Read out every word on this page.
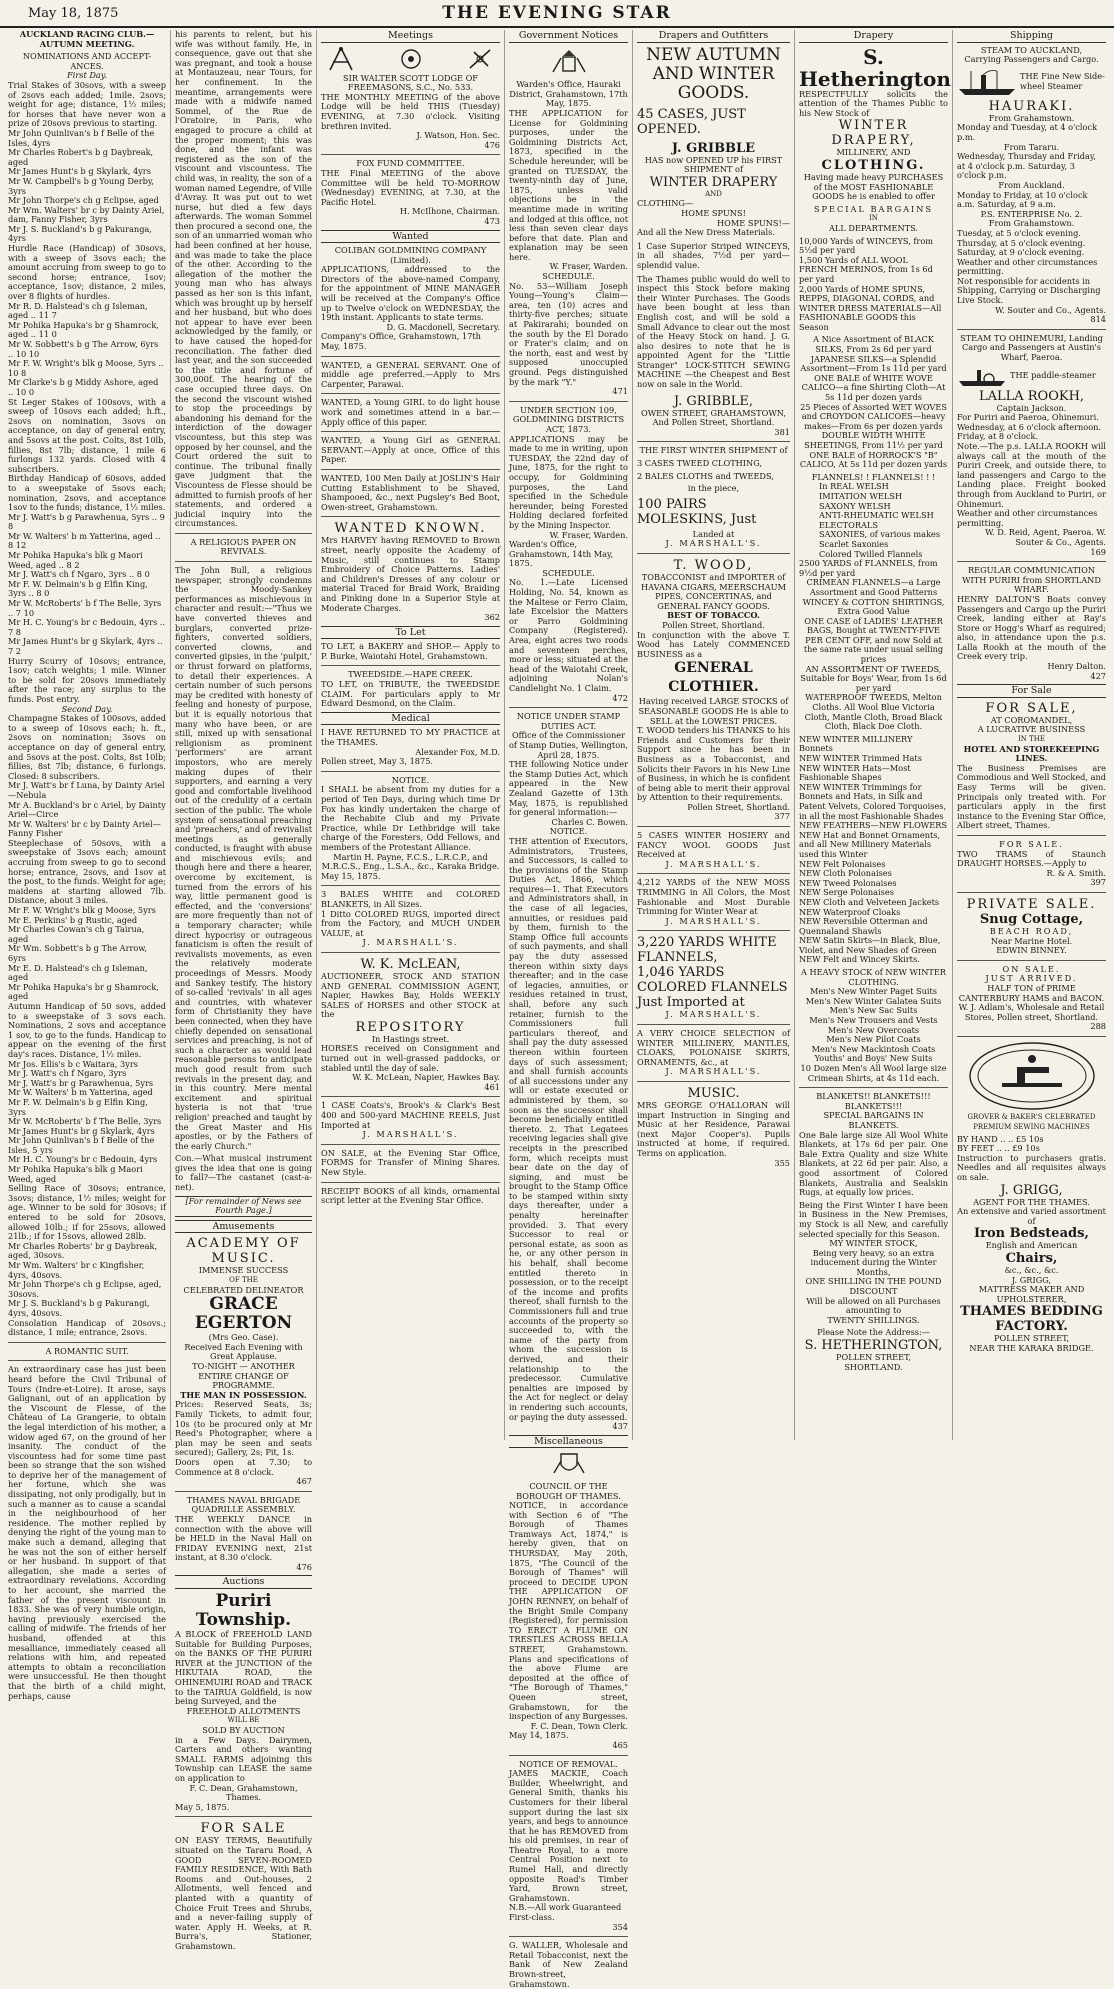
May 18, 1875	THE EVENING STAR
AUCKLAND RACING CLUB.— AUTUMN MEETING.
NOMINATIONS AND ACCEPT-ANCES.
First Day.
Trial Stakes of 30sovs, with a sweep of 2sovs each added; 1mile. 2sovs; weight for age; distance, 1½ miles; for horses that have never won a prize of 20sovs previous to starting.
Mr John Quinlivan's b f Belle of the Isles, 4yrs
Mr Charles Robert's b g Daybreak, aged
Mr James Hunt's b g Skylark, 4yrs
Mr W. Campbell's b g Young Derby, 3yrs
Mr John Thorpe's ch g Eclipse, aged
Mr Wm. Walters' br c by Dainty Ariel, dam, Fanny Fisher, 3yrs
Mr J. S. Buckland's b g Pakuranga, 4yrs
Hurdle Race (Handicap) of 30sovs, with a sweep of 3sovs each; the amount accruing from sweep to go to second horse; entrance, 1sov; acceptance, 1sov; distance, 2 miles, over 8 flights of hurdles.
Mr R. D. Halstead's ch g Isleman, aged .. 11 7
Mr Pohika Hapuka's br g Shamrock, aged .. 11 0
Mr W. Sobbett's b g The Arrow, 6yrs .. 10 10
Mr F. W. Wright's blk g Moose, 5yrs .. 10 8
Mr Clarke's b g Middy Ashore, aged .. 10 0
St Leger Stakes of 100sovs, with a sweep of 10sovs each added; h.ft., 2sovs on nomination, 3sovs on acceptance, on day of general entry, and 5sovs at the post. Colts, 8st 10lb, fillies, 8st 7lb; distance, 1 mile 6 furlongs 132 yards. Closed with 4 subscribers.
Birthday Handicap of 60sovs, added to a sweepstake of 5sovs each; nomination, 2sovs, and acceptance 1sov to the funds; distance, 1½ miles.
Mr J. Watt's b g Parawhenua, 5yrs .. 9 8
Mr W. Walters' b m Yatterina, aged .. 8 12
Mr Pohika Hapuka's blk g Maori Weed, aged .. 8 2
Mr J. Watt's ch f Ngaro, 3yrs .. 8 0
Mr F. W. Delmain's b g Elfin King, 3yrs .. 8 0
Mr W. McRoberts' b f The Belle, 3yrs .. 7 10
Mr H. C. Young's br c Bedouin, 4yrs .. 7 8
Mr James Hunt's br g Skylark, 4yrs .. 7 2
Hurry Scurry of 10sovs; entrance, 1sov; catch weights; 1 mile. Winner to be sold for 20sovs immediately after the race; any surplus to the funds. Post entry.
Second Day.
Champagne Stakes of 100sovs, added to a sweep of 10sovs each; h. ft., 2sovs on nomination; 3sovs on acceptance on day of general entry, and 5sovs at the post. Colts, 8st 10lb; fillies, 8st 7lb; distance, 6 furlongs. Closed: 8 subscribers.
Mr J. Watt's br f Luna, by Dainty Ariel —Nebula
Mr A. Buckland's br c Ariel, by Dainty Ariel—Circe
Mr W. Walters' br c by Dainty Ariel—Fanny Fisher
Steeplechase of 50sovs, with a sweepstake of 3sovs each; amount accruing from sweep to go to second horse; entrance, 2sovs, and 1sov at the post, to the funds. Weight for age; maidens at starting allowed 7lb. Distance, about 3 miles.
Mr F. W. Wright's blk g Moose, 5yrs
Mr E. Perkins' b g Rustic, aged
Mr Charles Cowan's ch g Tairua, aged
Mr Wm. Sobbett's b g The Arrow, 6yrs
Mr E. D. Halstead's ch g Isleman, aged
Mr Pohika Hapuka's br g Shamrock, aged
Autumn Handicap of 50 sovs, added to a sweepstake of 3 sovs each. Nominations, 2 sovs and acceptance 1 sov, to go to the funds. Handicap to appear on the evening of the first day's races. Distance, 1½ miles.
Mr Jos. Ellis's b c Waitara, 3yrs
Mr J. Watt's ch f Ngaro, 3yrs
Mr J. Watt's br g Parawhenua, 5yrs
Mr W. Walters' b m Yatterina, aged
Mr F. W. Delmain's b g Elfin King, 3yrs
Mr W. McRoberts' b f The Belle, 3yrs
Mr James Hunt's br g Skylark, 4yrs
Mr John Quinlivan's b f Belle of the Isles, 5 yrs
Mr H. C. Young's br c Bedouin, 4yrs
Mr Pohika Hapuka's blk g Maori Weed, aged
Selling Race of 30sovs; entrance, 3sovs; distance, 1½ miles; weight for age. Winner to be sold for 30sovs; if entered to be sold for 20sovs, allowed 10lb.; if for 25sovs, allowed 21lb.; if for 15sovs, allowed 28lb.
Mr Charles Roberts' br g Daybreak, aged, 30sovs.
Mr Wm. Walters' br c Kingfisher, 4yrs, 40sovs.
Mr John Thorpe's ch g Eclipse, aged, 30sovs.
Mr J. S. Buckland's b g Pakurangi, 4yrs, 40sovs.
Consolation Handicap of 20sovs.; distance, 1 mile; entrance, 2sovs.
A ROMANTIC SUIT.
An extraordinary case has just been heard before the Civil Tribunal of Tours (Indre-et-Loire). It arose, says Galignani, out of an application by the Viscount de Flesse, of the Château of La Grangerie, to obtain the legal interdiction of his mother, a widow aged 67, on the ground of her insanity. The conduct of the viscountess had for some time past been so strange that the son wished to deprive her of the management of her fortune, which she was dissipating, not only prodigally, but in such a manner as to cause a scandal in the neighbourhood of her residence. The mother replied by denying the right of the young man to make such a demand, alleging that he was not the son of either herself or her husband. In support of that allegation, she made a series of extraordinary revelations. According to her account, she married the father of the present viscount in 1833. She was of very humble origin, having previously exercised the calling of midwife. The friends of her husband, offended at this mesalliance, immediately ceased all relations with him, and repeated attempts to obtain a reconciliation were unsuccessful. He then thought that the birth of a child might, perhaps, cause
his parents to relent, but his wife was without family. He, in consequence, gave out that she was pregnant, and took a house at Montauzeau, near Tours, for her confinement. In the meantime, arrangements were made with a midwife named Sommel, of the Rue de l'Oratoire, in Paris, who engaged to procure a child at the proper moment; this was done, and the infant was registered as the son of the viscount and viscountess. The child was, in reality, the son of a woman named Legendre, of Ville d'Avray. It was put out to wet nurse, but died a few days afterwards. The woman Sommel then procured a second one, the son of an unmarried woman who had been confined at her house, and was made to take the place of the other. According to the allegation of the mother the young man who has always passed as her son is this infant, which was brought up by herself and her husband, but who does not appear to have ever been acknowledged by the family, or to have caused the hoped-for reconciliation. The father died last year, and the son succeeded to the title and fortune of 300,000f. The hearing of the case occupied three days. On the second the viscount wished to stop the proceedings by abandoning his demand for the interdiction of the dowager viscountess, but this step was opposed by her counsel, and the Court ordered the suit to continue. The tribunal finally gave judgment that the Viscountess de Flesse should be admitted to furnish proofs of her statements, and ordered a judicial inquiry into the circumstances.
A RELIGIOUS PAPER ON REVIVALS.
The John Bull, a religious newspaper, strongly condemns the Moody-Sankey performances as mischievous in character and result:—"Thus we have converted thieves and burglars, converted prize-fighters, converted soldiers, converted clowns, and converted gipsies, in the 'pulpit,' or thrust forward on platforms, to detail their experiences. A certain number of such persons may be credited with honesty of feeling and honesty of purpose, but it is equally notorious that many who have been, or are still, mixed up with sensational religionism as prominent 'performers' are arrant impostors, who are merely making dupes of their supporters, and earning a very good and comfortable livelihood out of the credulity of a certain section of the public. The whole system of sensational preaching and 'preachers,' and of revivalist meetings as generally conducted, is fraught with abuse and mischievous evils; and though here and there a hearer, overcome by excitement, is turned from the errors of his way, little permanent good is effected, and the 'conversions' are more frequently than not of a temporary character; while direct hypocrisy or outrageous fanaticism is often the result of revivalists movements, as even the relatively moderate proceedings of Messrs. Moody and Sankey testify. The history of so-called 'revivals' in all ages and countries, with whatever form of Christianity they have been connected, when they have chiefly depended on sensational services and preaching, is not of such a character as would lead reasonable persons to anticipate much good result from such revivals in the present day, and in this country. Mere mental excitement and spiritual hysteria is not that 'true religion' preached and taught by the Great Master and His apostles, or by the Fathers of the early Church."
Con.—What musical instrument gives the idea that one is going to fall?—The castanet (cast-a-net).
[For remainder of News see Fourth Page.]
Amusements
ACADEMY OF MUSIC.
IMMENSE SUCCESS
OF THE
CELEBRATED DELINEATOR
GRACE EGERTON
(Mrs Geo. Case).
Received Each Evening with Great Applause.
TO-NIGHT — ANOTHER ENTIRE CHANGE OF PROGRAMME.
THE MAN IN POSSESSION.
Prices: Reserved Seats, 3s; Family Tickets, to admit four, 10s (to be procured only at Mr Reed's Photographer, where a plan may be seen and seats secured); Gallery, 2s; Pit, 1s.
Doors open at 7.30; to Commence at 8 o'clock.
467
THAMES NAVAL BRIGADE QUADRILLE ASSEMBLY.
THE WEEKLY DANCE in connection with the above will be HELD in the Naval Hall on FRIDAY EVENING next, 21st instant, at 8.30 o'clock.
476
Auctions
Puriri Township.
A BLOCK of FREEHOLD LAND Suitable for Building Purposes, on the BANKS OF THE PURIRI RIVER at the JUNCTION of the HIKUTAIA ROAD, the OHINEMUIRI ROAD and TRACK to the TAIRUA Goldfield, is now being Surveyed, and the
FREEHOLD ALLOTMENTS
WILL BE
SOLD BY AUCTION
in a Few Days. Dairymen, Carters and others wanting SMALL FARMS adjoining this Township can LEASE the same on application to
F. C. Dean, Grahamstown, Thames.
May 5, 1875.
FOR SALE
ON EASY TERMS, Beautifully situated on the Tararu Road, A GOOD SEVEN-ROOMED FAMILY RESIDENCE, With Bath Rooms and Out-houses, 2 Allotments, well fenced and planted with a quantity of Choice Fruit Trees and Shrubs, and a never-failing supply of water. Apply H. Weeks, at R. Burra's, Stationer, Grahamstown.
Meetings
SIR WALTER SCOTT LODGE OF FREEMASONS, S.C., No. 533.
THE MONTHLY MEETING of the above Lodge will be held THIS (Tuesday) EVENING, at 7.30 o'clock. Visiting brethren invited.
J. Watson, Hon. Sec.
476
FOX FUND COMMITTEE.
THE Final MEETING of the above Committee will be held TO-MORROW (Wednesday) EVENING, at 7.30, at the Pacific Hotel.
H. McIlhone, Chairman.
473
Wanted
COLIBAN GOLDMINING COMPANY (Limited).
APPLICATIONS, addressed to the Directors of the above-named Company, for the appointment of MINE MANAGER will be received at the Company's Office up to Twelve o'clock on WEDNESDAY, the 19th instant. Applicants to state terms.
D. G. Macdonell, Secretary.
Company's Office, Grahamstown, 17th May, 1875.
WANTED, a GENERAL SERVANT. One of middle age preferred.—Apply to Mrs Carpenter, Parawai.
WANTED, a Young GIRL to do light house work and sometimes attend in a bar.—Apply office of this paper.
WANTED, a Young Girl as GENERAL SERVANT.—Apply at once, Office of this Paper.
WANTED, 100 Men Daily at JOSLIN'S Hair Cutting Establishment to be Shaved, Shampooed, &c., next Pugsley's Bed Boot, Owen-street, Grahamstown.
WANTED KNOWN.
Mrs HARVEY having REMOVED to Brown street, nearly opposite the Academy of Music, still continues to Stamp Embroidery of Choice Patterns. Ladies' and Children's Dresses of any colour or material Traced for Braid Work, Braiding and Pinking done in a Superior Style at Moderate Charges.
362
To Let
TO LET, a BAKERY and SHOP.— Apply to P. Burke, Waiotahi Hotel, Grahamstown.
TWEEDSIDE.—HAPE CREEK.
TO LET, on TRIBUTE, the TWEEDSIDE CLAIM. For particulars apply to Mr Edward Desmond, on the Claim.
Medical
I HAVE RETURNED TO MY PRACTICE at the THAMES.
Alexander Fox, M.D.
Pollen street, May 3, 1875.
NOTICE.
I SHALL be absent from my duties for a period of Ten Days, during which time Dr Fox has kindly undertaken the charge of the Rechabite Club and my Private Practice, while Dr Lethbridge will take charge of the Foresters, Odd Fellows, and members of the Protestant Alliance.
Martin H. Payne, F.C.S., L.R.C.P., and M.R.C.S., Eng., L.S.A., &c., Karaka Bridge.
May 15, 1875.
3 BALES WHITE and COLORED BLANKETS, in All Sizes.
1 Ditto COLORED RUGS, imported direct from the Factory, and MUCH UNDER VALUE, at
J. MARSHALL'S.
W. K. McLEAN,
AUCTIONEER, STOCK AND STATION AND GENERAL COMMISSION AGENT, Napier, Hawkes Bay, Holds WEEKLY SALES of HORSES and other STOCK at the
REPOSITORY
In Hastings street.
HORSES received on Consignment and turned out in well-grassed paddocks, or stabled until the day of sale.
W. K. McLean, Napier, Hawkes Bay.
461
1 CASE Coats's, Brook's & Clark's Best 400 and 500-yard MACHINE REELS, Just Imported at
J. MARSHALL'S.
ON SALE, at the Evening Star Office, FORMS for Transfer of Mining Shares. New Style.
RECEIPT BOOKS of all kinds, ornamental script letter at the Evening Star Office.
Government Notices
Warden's Office, Hauraki District, Grahamstown, 17th May, 1875.
THE APPLICATION for License for Goldmining purposes, under the Goldmining Districts Act, 1873, specified in the Schedule hereunder, will be granted on TUESDAY, the twenty-ninth day of June, 1875, unless valid objections be in the meantime made in writing and lodged at this office, not less than seven clear days before that date. Plan and explanation may be seen here.
W. Fraser, Warden.
SCHEDULE.
No. 53—William Joseph Young—Young's Claim—area, ten (10) acres and thirty-five perches; situate at Pakirarahi; bounded on the south by the El Dorado or Frater's claim; and on the north, east and west by supposed unoccupied ground. Pegs distinguished by the mark "Y."
471
UNDER SECTION 109, GOLDMINING DISTRICTS ACT, 1873.
APPLICATIONS may be made to me in writing, upon TUESDAY, the 22nd day of June, 1875, for the right to occupy, for Goldmining purposes, the Land specified in the Schedule hereunder, being Forested Holding declared forfeited by the Mining Inspector.
W. Fraser, Warden.
Warden's Office, Grahamstown, 14th May, 1875.
SCHEDULE.
No. 1.—Late Licensed Holding, No. 54, known as the Maltese or Ferro Claim, late Excelsior the Matters or Parro Goldmining Company (Registered). Area, eight acres two roods and seventeen perches, more or less; situated at the head of the Waiotahi Creek, adjoining Nolan's Candlelight No. 1 Claim.
472
NOTICE UNDER STAMP DUTIES ACT.
Office of the Commissioner of Stamp Duties, Wellington, April 28, 1875.
THE following Notice under the Stamp Duties Act, which appeared in the New Zealand Gazette of 13th May, 1875, is republished for general information:—
Charles C. Bowen.
NOTICE.
THE attention of Executors, Administrators, Trustees, and Successors, is called to the provisions of the Stamp Duties Act, 1866, which requires—1. That Executors and Administrators shall, in the case of all legacies, annuities, or residues paid by them, furnish to the Stamp Office full accounts of such payments, and shall pay the duty assessed thereon within sixty days thereafter; and in the case of legacies, annuities, or residues retained in trust, shall, before any such retainer, furnish to the Commissioners full particulars thereof, and shall pay the duty assessed thereon within fourteen days of such assessment; and shall furnish accounts of all successions under any will or estate executed or administered by them, so soon as the successor shall become beneficially entitled thereto. 2. That Legatees receiving legacies shall give receipts in the prescribed form, which receipts must bear date on the day of signing, and must be brought to the Stamp Office to be stamped within sixty days thereafter, under a penalty hereinafter provided. 3. That every Successor to real or personal estate, as soon as he, or any other person in his behalf, shall become entitled thereto in possession, or to the receipt of the income and profits thereof, shall furnish to the Commissioners full and true accounts of the property so succeeded to, with the name of the party from whom the succession is derived, and their relationship to the predecessor. Cumulative penalties are imposed by the Act for neglect or delay in rendering such accounts, or paying the duty assessed.
437
Miscellaneous
COUNCIL OF THE BOROUGH OF THAMES.
NOTICE, in accordance with Section 6 of "The Borough of Thames Tramways Act, 1874," is hereby given, that on THURSDAY, May 20th, 1875, "The Council of the Borough of Thames" will proceed to DECIDE UPON THE APPLICATION OF JOHN RENNEY, on behalf of the Bright Smile Company (Registered), for permission TO ERECT A FLUME ON TRESTLES ACROSS BELLA STREET, Grahamstown. Plans and specifications of the above Flume are deposited at the office of "The Borough of Thames," Queen street, Grahamstown, for the inspection of any Burgesses.
F. C. Dean, Town Clerk.
May 14, 1875.
465
NOTICE OF REMOVAL.
JAMES MACKIE, Coach Builder, Wheelwright, and General Smith, thanks his Customers for their liberal support during the last six years, and begs to announce that he has REMOVED from his old premises, in rear of Theatre Royal, to a more Central Position next to Rumel Hall, and directly opposite Road's Timber Yard, Brown street, Grahamstown.
N.B.—All work Guaranteed First-class.
354
G. WALLER, Wholesale and Retail Tobacconist, next the Bank of New Zealand Brown-street, Grahamstown.
Drapers and Outfitters
NEW AUTUMN AND WINTER GOODS.
45 CASES, JUST OPENED.
J. GRIBBLE
HAS now OPENED UP his FIRST SHIPMENT of
WINTER DRAPERY
AND
CLOTHING—
HOME SPUNS!
HOME SPUNS!—
And all the New Dress Materials.
1 Case Superior Striped WINCEYS, in all shades, 7½d per yard—splendid value.
The Thames public would do well to inspect this Stock before making their Winter Purchases. The Goods have been bought at less than English cost, and will be sold a Small Advance to clear out the most of the Heavy Stock on hand. J. G. also desires to note that he is appointed Agent for the "Little Stranger" LOCK-STITCH SEWING MACHINE —the Cheapest and Best now on sale in the World.
J. GRIBBLE,
OWEN STREET, GRAHAMSTOWN, And Pollen Street, Shortland.
381
THE FIRST WINTER SHIPMENT of
3 CASES TWEED CLOTHING,
2 BALES CLOTHS and TWEEDS,
in the piece,
100 PAIRS MOLESKINS, Just
Landed at
J. MARSHALL'S.
T. WOOD,
TOBACCONIST and IMPORTER of HAVANA CIGARS, MEERSCHAUM PIPES, CONCERTINAS, and GENERAL FANCY GOODS.
BEST OF TOBACCO.
Pollen Street, Shortland.
In conjunction with the above T. Wood has Lately COMMENCED BUSINESS as a
GENERAL CLOTHIER.
Having received LARGE STOCKS of SEASONABLE GOODS He is able to SELL at the LOWEST PRICES.
T. WOOD tenders his THANKS to his Friends and Customers for their Support since he has been in Business as a Tobacconist, and Solicits their Favors in his New Line of Business, in which he is confident of being able to merit their approval by Attention to their requirements.
Pollen Street, Shortland.
377
5 CASES WINTER HOSIERY and FANCY WOOL GOODS Just Received at
J. MARSHALL'S.
4,212 YARDS of the NEW MOSS TRIMMING in All Colors, the Most Fashionable and Most Durable Trimming for Winter Wear at
J. MARSHALL'S.
3,220 YARDS WHITE FLANNELS,
1,046 YARDS COLORED FLANNELS Just Imported at
J. MARSHALL'S.
A VERY CHOICE SELECTION of WINTER MILLINERY, MANTLES, CLOAKS, POLONAISE SKIRTS, ORNAMENTS, &c., at
J. MARSHALL'S.
MUSIC.
MRS GEORGE O'HALLORAN will impart Instruction in Singing and Music at her Residence, Parawai (next Major Cooper's). Pupils instructed at home, if required. Terms on application.
355
Drapery
S. Hetherington
RESPECTFULLY solicits the attention of the Thames Public to his New Stock of
WINTER DRAPERY,
MILLINERY, AND
CLOTHING.
Having made heavy PURCHASES of the MOST FASHIONABLE GOODS he is enabled to offer
SPECIAL BARGAINS
IN
ALL DEPARTMENTS.
10,000 Yards of WINCEYS, from 5½d per yard
1,500 Yards of ALL WOOL FRENCH MERINOS, from 1s 6d per yard
2,000 Yards of HOME SPUNS, REPPS, DIAGONAL CORDS, and WINTER DRESS MATERIALS—All FASHIONABLE GOODS this Season
A Nice Assortment of BLACK SILKS, From 2s 6d per yard
JAPANESE SILKS—a Splendid Assortment—From 1s 11d per yard
ONE BALE of WHITE WOVE CALICO—a fine Shirting Cloth—At 5s 11d per dozen yards
25 Pieces of Assorted WET WOVES and CROYDON CALICOES—heavy makes—From 6s per dozen yards
DOUBLE WIDTH WHITE SHEETINGS, From 11½ per yard
ONE BALE of HORROCK'S "B" CALICO, At 5s 11d per dozen yards
FLANNELS! ! FLANNELS! ! !
In REAL WELSH
IMITATION WELSH
SAXONY WELSH
ANTI-RHEUMATIC WELSH
ELECTORALS
SAXONIES, of various makes
Scarlet Saxonies
Colored Twilled Flannels
2500 YARDS of FLANNELS, from 9½d per yard
CRIMEAN FLANNELS—a Large Assortment and Good Patterns
WINCEY & COTTON SHIRTINGS, Extra Good Value
ONE CASE of LADIES' LEATHER BAGS, Bought at TWENTY-FIVE PER CENT OFF, and now Sold at the same rate under usual selling prices
AN ASSORTMENT OF TWEEDS, Suitable for Boys' Wear, from 1s 6d per yard
WATERPROOF TWEEDS, Melton Cloths. All Wool Blue Victoria Cloth, Mantle Cloth, Broad Black Cloth, Black Doe Cloth.
NEW WINTER MILLINERY Bonnets
NEW WINTER Trimmed Hats
NEW WINTER Hats—Most Fashionable Shapes
NEW WINTER Trimmings for Bonnets and Hats, in Silk and Patent Velvets, Colored Torquoises, in all the most Fashionable Shades
NEW FEATHERS—NEW FLOWERS
NEW Hat and Bonnet Ornaments, and all New Millinery Materials used this Winter
NEW Felt Polonaises
NEW Cloth Polonaises
NEW Tweed Polonaises
NEW Serge Polonaises
NEW Cloth and Velveteen Jackets
NEW Waterproof Cloaks
NEW Reversible Otterman and Quennaland Shawls
NEW Satin Skirts—in Black, Blue, Violet, and New Shades of Green
NEW Felt and Wincey Skirts.
A HEAVY STOCK of NEW WINTER CLOTHING.
Men's New Winter Paget Suits
Men's New Winter Galatea Suits
Men's New Sac Suits
Men's New Trousers and Vests
Men's New Overcoats
Men's New Pilot Coats
Men's New Mackintosh Coats
Youths' and Boys' New Suits
10 Dozen Men's All Wool large size Crimean Shirts, at 4s 11d each.
BLANKETS!! BLANKETS!!!
BLANKETS!!!
SPECIAL BARGAINS IN BLANKETS.
One Bale large size All Wool White Blankets, at 17s 6d per pair. One Bale Extra Quality and size White Blankets, at 22 6d per pair. Also, a good assortment of Colored Blankets, Australia and Sealskin Rugs, at equally low prices.
Being the First Winter I have been in Business in the New Premises, my Stock is all New, and carefully selected specially for this Season.
MY WINTER STOCK,
Being very heavy, so an extra inducement during the Winter Months,
ONE SHILLING IN THE POUND DISCOUNT
Will be allowed on all Purchases amounting to
TWENTY SHILLINGS.
Please Note the Address:—
S. HETHERINGTON,
POLLEN STREET,
SHORTLAND.
Shipping
STEAM TO AUCKLAND,
Carrying Passengers and Cargo.
THE Fine New Side-wheel Steamer
HAURAKI.
From Grahamstown.
Monday and Tuesday, at 4 o'clock p.m.
From Tararu.
Wednesday, Thursday and Friday, at 4 o'clock p.m. Saturday, 3 o'clock p.m.
From Auckland.
Monday to Friday, at 10 o'clock a.m. Saturday, at 9 a.m.
P.S. ENTERPRISE No. 2.
From Grahamstown.
Tuesday, at 5 o'clock evening. Thursday, at 5 o'clock evening. Saturday, at 9 o'clock evening.
Weather and other circumstances permitting.
Not responsible for accidents in Shipping, Carrying or Discharging Live Stock.
W. Souter and Co., Agents.
814
STEAM TO OHINEMURI, Landing Cargo and Passengers at Austin's Wharf, Paeroa.
THE paddle-steamer
LALLA ROOKH,
Captain Jackson.
For Puriri and Paeroa, Ohinemuri. Wednesday, at 6 o'clock afternoon. Friday, at 8 o'clock.
Note.—The p.s. LALLA ROOKH will always call at the mouth of the Puriri Creek, and outside there, to land passengers and Cargo to the Landing place. Freight booked through from Auckland to Puriri, or Ohinemuri.
Weather and other circumstances permitting.
W. D. Reid, Agent, Paeroa. W. Souter & Co., Agents.
169
REGULAR COMMUNICATION WITH PURIRI from SHORTLAND WHARF.
HENRY DALTON'S Boats convey Passengers and Cargo up the Puriri Creek, landing either at Ray's Store or Hogg's Wharf as required; also, in attendance upon the p.s. Lalla Rookh at the mouth of the Creek every trip.
Henry Dalton.
427
For Sale
FOR SALE,
AT COROMANDEL,
A LUCRATIVE BUSINESS
IN THE
HOTEL AND STOREKEEPING LINES.
The Business Premises are Commodious and Well Stocked, and Easy Terms will be given. Principals only treated with. For particulars apply in the first instance to the Evening Star Office, Albert street, Thames.
FOR SALE.
TWO TRAMS of Staunch DRAUGHT HORSES.—Apply to
R. & A. Smith.
397
PRIVATE SALE.
Snug Cottage,
BEACH ROAD,
Near Marine Hotel.
EDWIN BINNEY.
ON SALE.
JUST ARRIVED.
HALF TON of PRIME CANTERBURY HAMS and BACON.
W. J. Adlam's, Wholesale and Retail Stores, Pollen street, Shortland.
288
GROVER & BAKER'S CELEBRATED PREMIUM SEWING MACHINES
BY HAND .. .. £5 10s
BY FEET .. .. £9 10s
Instruction to purchasers gratis. Needles and all requisites always on sale.
J. GRIGG,
AGENT FOR THE THAMES.
An extensive and varied assortment of
Iron Bedsteads,
English and American
Chairs,
&c., &c., &c.
J. GRIGG,
MATTRESS MAKER AND UPHOLSTERER,
THAMES BEDDING FACTORY.
POLLEN STREET,
NEAR THE KARAKA BRIDGE.
